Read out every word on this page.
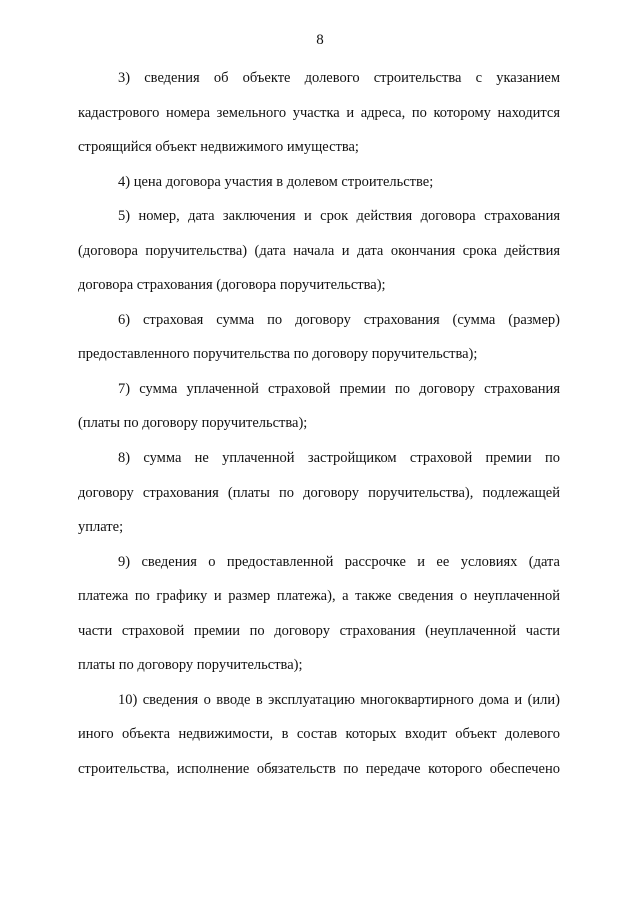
8
3) сведения об объекте долевого строительства с указанием
кадастрового номера земельного участка и адреса, по которому находится
строящийся объект недвижимого имущества;
4) цена договора участия в долевом строительстве;
5) номер, дата заключения и срок действия договора страхования
(договора поручительства) (дата начала и дата окончания срока действия
договора страхования (договора поручительства);
6) страховая сумма по договору страхования (сумма (размер)
предоставленного поручительства по договору поручительства);
7) сумма уплаченной страховой премии по договору страхования
(платы по договору поручительства);
8) сумма не уплаченной застройщиком страховой премии по
договору страхования (платы по договору поручительства), подлежащей
уплате;
9) сведения о предоставленной рассрочке и ее условиях (дата
платежа по графику и размер платежа), а также сведения о неуплаченной
части страховой премии по договору страхования (неуплаченной части
платы по договору поручительства);
10) сведения о вводе в эксплуатацию многоквартирного дома и (или)
иного объекта недвижимости, в состав которых входит объект долевого
строительства, исполнение обязательств по передаче которого обеспечено
